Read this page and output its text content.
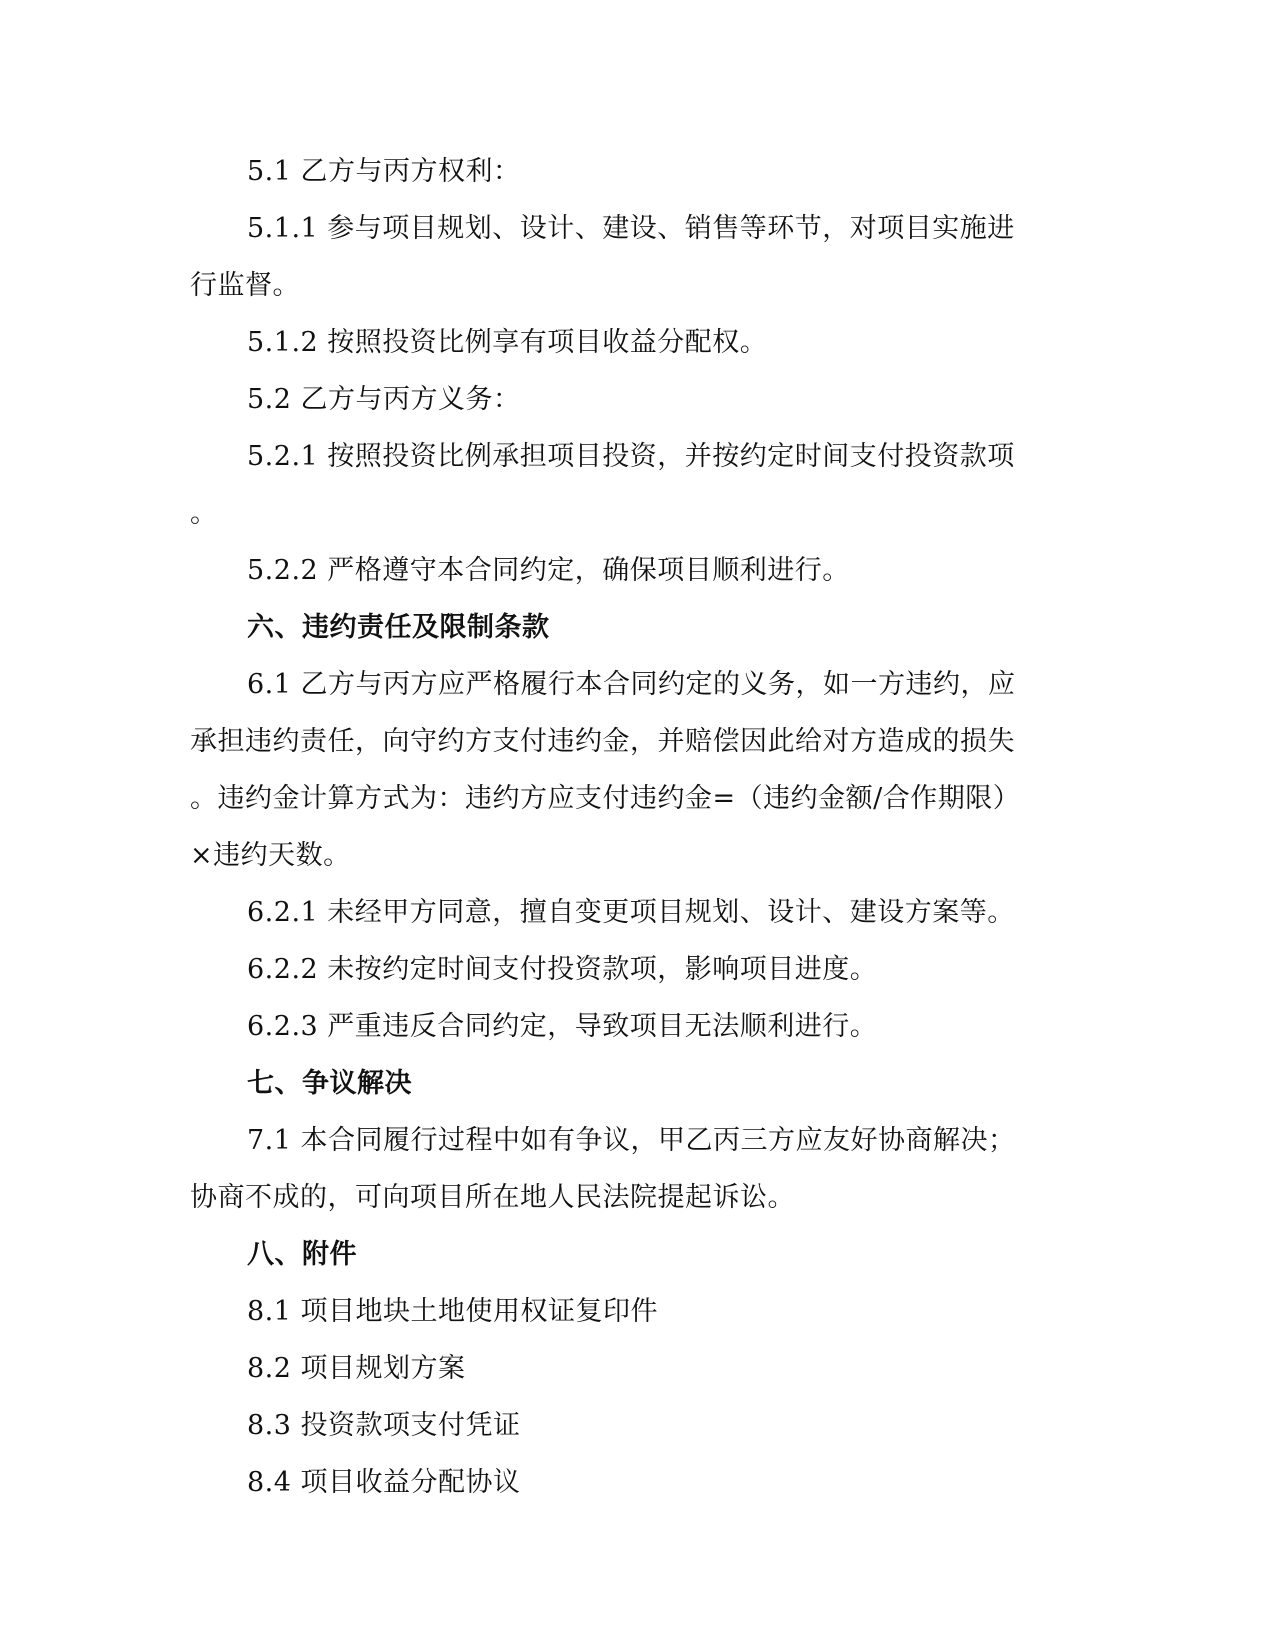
5.1 乙方与丙方权利：

5.1.1 参与项目规划、设计、建设、销售等环节，对项目实施进

行监督。

5.1.2 按照投资比例享有项目收益分配权。

5.2 乙方与丙方义务：

5.2.1 按照投资比例承担项目投资，并按约定时间支付投资款项

。

5.2.2 严格遵守本合同约定，确保项目顺利进行。

六、违约责任及限制条款

6.1 乙方与丙方应严格履行本合同约定的义务，如一方违约，应

承担违约责任，向守约方支付违约金，并赔偿因此给对方造成的损失

。违约金计算方式为：违约方应支付违约金=（违约金额/合作期限）

×违约天数。

6.2.1 未经甲方同意，擅自变更项目规划、设计、建设方案等。

6.2.2 未按约定时间支付投资款项，影响项目进度。

6.2.3 严重违反合同约定，导致项目无法顺利进行。

七、争议解决

7.1 本合同履行过程中如有争议，甲乙丙三方应友好协商解决；

协商不成的，可向项目所在地人民法院提起诉讼。

八、附件

8.1 项目地块土地使用权证复印件

8.2 项目规划方案

8.3 投资款项支付凭证

8.4 项目收益分配协议
